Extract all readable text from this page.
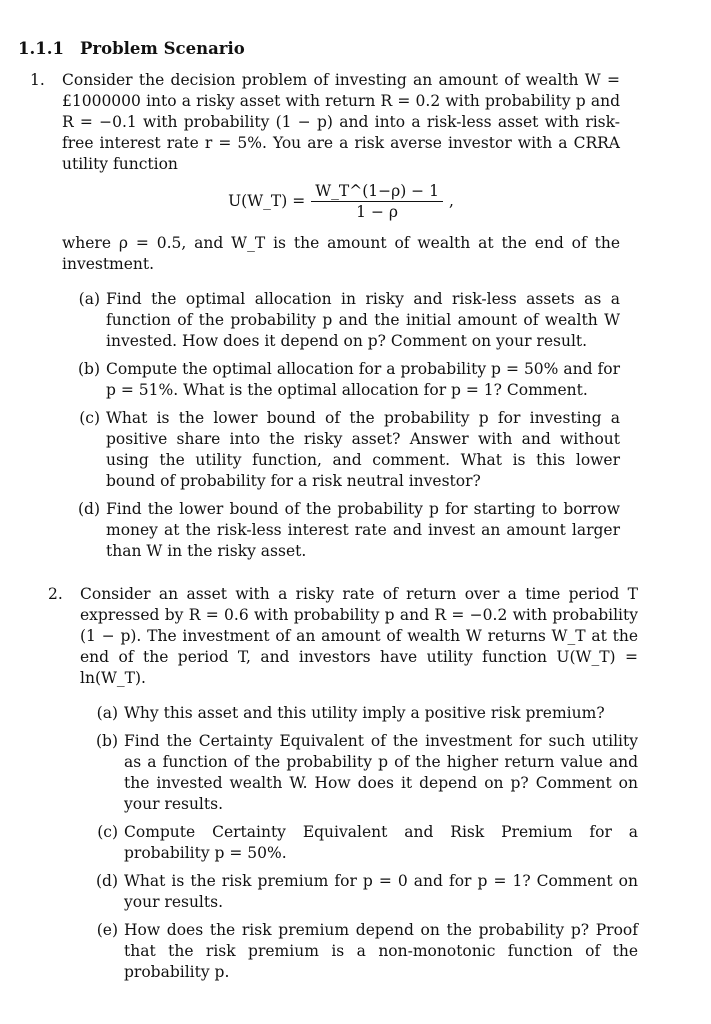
1.1.1 Problem Scenario
1.	Consider the decision problem of investing an amount of wealth W = £1000000 into a risky asset with return R = 0.2 with probability p and R = −0.1 with probability (1 − p) and into a risk-less asset with risk-free interest rate r = 5%. You are a risk averse investor with a CRRA utility function
U(W_T) = $\frac{W\_T\^{}(1-\rho) - 1}{1 - \rho}$ ,
where ρ = 0.5, and W_T is the amount of wealth at the end of the investment.
(a) Find the optimal allocation in risky and risk-less assets as a function of the probability p and the initial amount of wealth W invested. How does it depend on p? Comment on your result.
(b) Compute the optimal allocation for a probability p = 50% and for p = 51%. What is the optimal allocation for p = 1? Comment.
(c) What is the lower bound of the probability p for investing a positive share into the risky asset? Answer with and without using the utility function, and comment. What is this lower bound of probability for a risk neutral investor?
(d) Find the lower bound of the probability p for starting to borrow money at the risk-less interest rate and invest an amount larger than W in the risky asset.
2.	Consider an asset with a risky rate of return over a time period T expressed by R = 0.6 with probability p and R = −0.2 with probability (1 − p). The investment of an amount of wealth W returns W_T at the end of the period T, and investors have utility function U(W_T) = ln(W_T).
(a) Why this asset and this utility imply a positive risk premium?
(b) Find the Certainty Equivalent of the investment for such utility as a function of the probability p of the higher return value and the invested wealth W. How does it depend on p? Comment on your results.
(c) Compute Certainty Equivalent and Risk Premium for a probability p = 50%.
(d) What is the risk premium for p = 0 and for p = 1? Comment on your results.
(e) How does the risk premium depend on the probability p? Proof that the risk premium is a non-monotonic function of the probability p.
